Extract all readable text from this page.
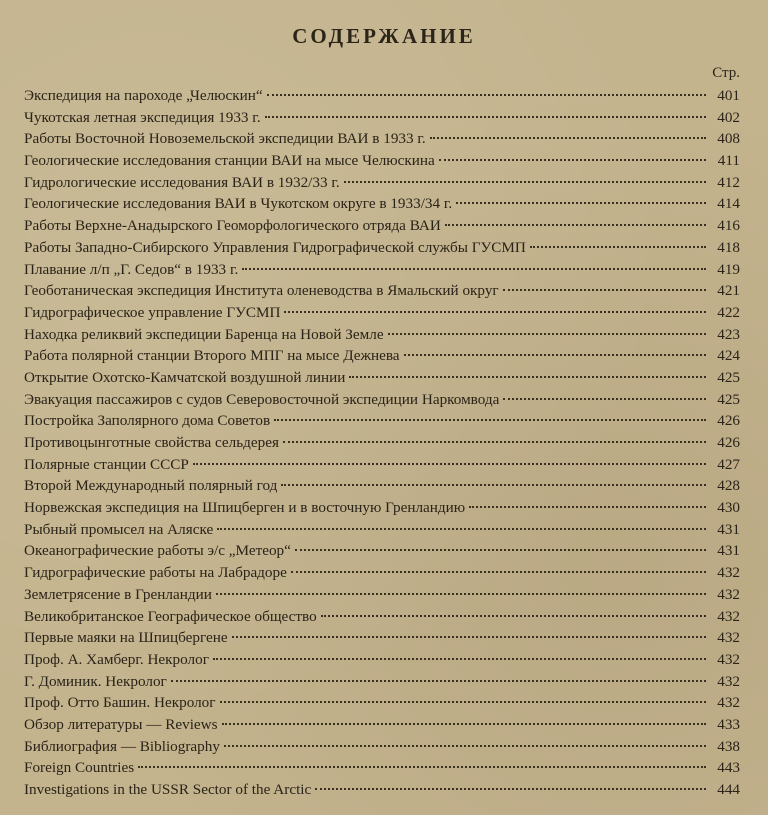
СОДЕРЖАНИЕ
Стр.
Экспедиция на пароходе „Челюскин“	401
Чукотская летная экспедиция 1933 г.	402
Работы Восточной Новоземельской экспедиции ВАИ в 1933 г.	408
Геологические исследования станции ВАИ на мысе Челюскина	411
Гидрологические исследования ВАИ в 1932/33 г.	412
Геологические исследования ВАИ в Чукотском округе в 1933/34 г.	414
Работы Верхне-Анадырского Геоморфологического отряда ВАИ	416
Работы Западно-Сибирского Управления Гидрографической службы ГУСМП	418
Плавание л/п „Г. Седов“ в 1933 г.	419
Геоботаническая экспедиция Института оленеводства в Ямальский округ	421
Гидрографическое управление ГУСМП	422
Находка реликвий экспедиции Баренца на Новой Земле	423
Работа полярной станции Второго МПГ на мысе Дежнева	424
Открытие Охотско-Камчатской воздушной линии	425
Эвакуация пассажиров с судов Северовосточной экспедиции Наркомвода	425
Постройка Заполярного дома Советов	426
Противоцынготные свойства сельдерея	426
Полярные станции СССР	427
Второй Международный полярный год	428
Норвежская экспедиция на Шпицберген и в восточную Гренландию	430
Рыбный промысел на Аляске	431
Океанографические работы э/с „Метеор“	431
Гидрографические работы на Лабрадоре	432
Землетрясение в Гренландии	432
Великобританское Географическое общество	432
Первые маяки на Шпицбергене	432
Проф. А. Хамберг. Некролог	432
Г. Доминик. Некролог	432
Проф. Отто Башин. Некролог	432
Обзор литературы — Reviews	433
Библиография — Bibliography	438
Foreign Countries	443
Investigations in the USSR Sector of the Arctic	444
